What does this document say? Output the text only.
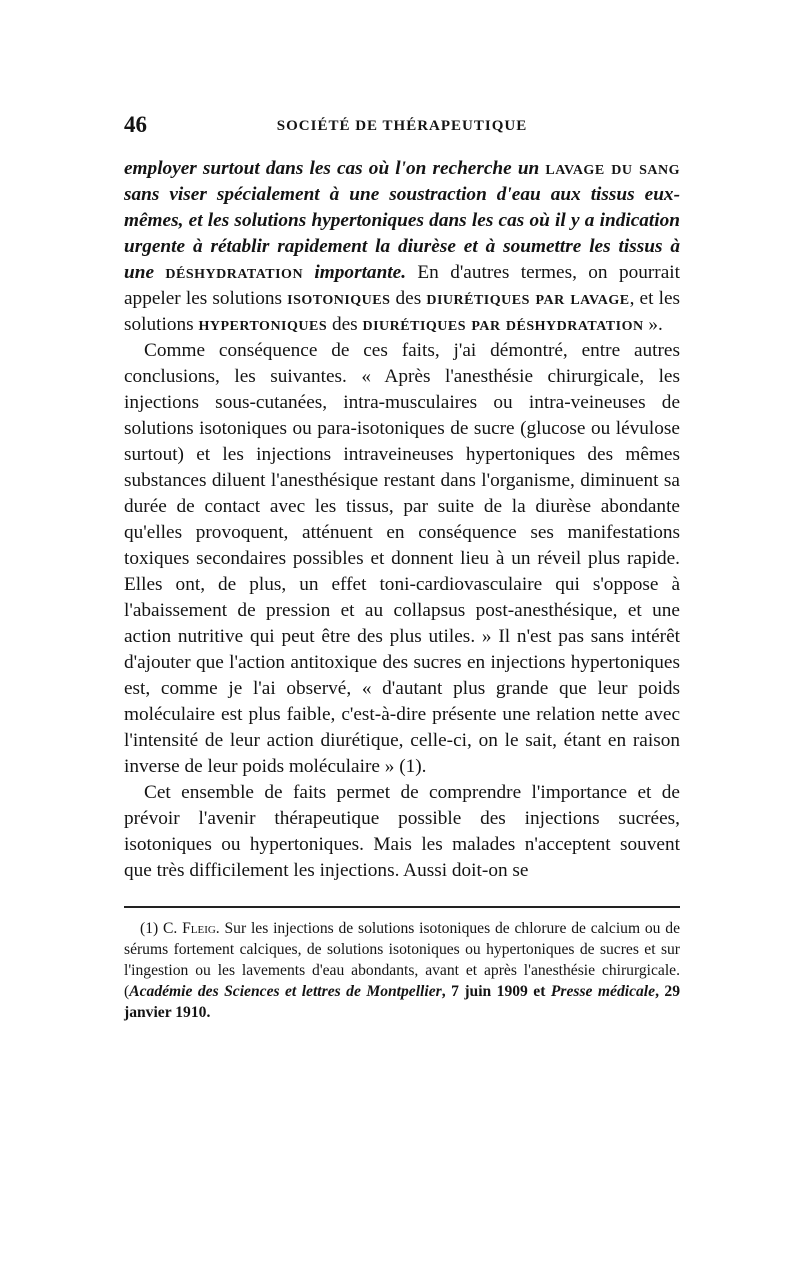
46	SOCIÉTÉ DE THÉRAPEUTIQUE

employer surtout dans les cas où l'on recherche un lavage du sang sans viser spécialement à une soustraction d'eau aux tissus eux-mêmes, et les solutions hypertoniques dans les cas où il y a indication urgente à rétablir rapidement la diurèse et à soumettre les tissus à une déshydratation importante. En d'autres termes, on pourrait appeler les solutions isotoniques des diurétiques par lavage, et les solutions hypertoniques des diurétiques par déshydratation ».

Comme conséquence de ces faits, j'ai démontré, entre autres conclusions, les suivantes. « Après l'anesthésie chirurgicale, les injections sous-cutanées, intra-musculaires ou intra-veineuses de solutions isotoniques ou para-isotoniques de sucre (glucose ou lévulose surtout) et les injections intraveineuses hypertoniques des mêmes substances diluent l'anesthésique restant dans l'organisme, diminuent sa durée de contact avec les tissus, par suite de la diurèse abondante qu'elles provoquent, atténuent en conséquence ses manifestations toxiques secondaires possibles et donnent lieu à un réveil plus rapide. Elles ont, de plus, un effet toni-cardiovasculaire qui s'oppose à l'abaissement de pression et au collapsus post-anesthésique, et une action nutritive qui peut être des plus utiles. » Il n'est pas sans intérêt d'ajouter que l'action antitoxique des sucres en injections hypertoniques est, comme je l'ai observé, « d'autant plus grande que leur poids moléculaire est plus faible, c'est-à-dire présente une relation nette avec l'intensité de leur action diurétique, celle-ci, on le sait, étant en raison inverse de leur poids moléculaire » (1).

Cet ensemble de faits permet de comprendre l'importance et de prévoir l'avenir thérapeutique possible des injections sucrées, isotoniques ou hypertoniques. Mais les malades n'acceptent souvent que très difficilement les injections. Aussi doit-on se

(1) C. Fleig. Sur les injections de solutions isotoniques de chlorure de calcium ou de sérums fortement calciques, de solutions isotoniques ou hypertoniques de sucres et sur l'ingestion ou les lavements d'eau abondants, avant et après l'anesthésie chirurgicale. (Académie des Sciences et lettres de Montpellier, 7 juin 1909 et Presse médicale, 29 janvier 1910.
